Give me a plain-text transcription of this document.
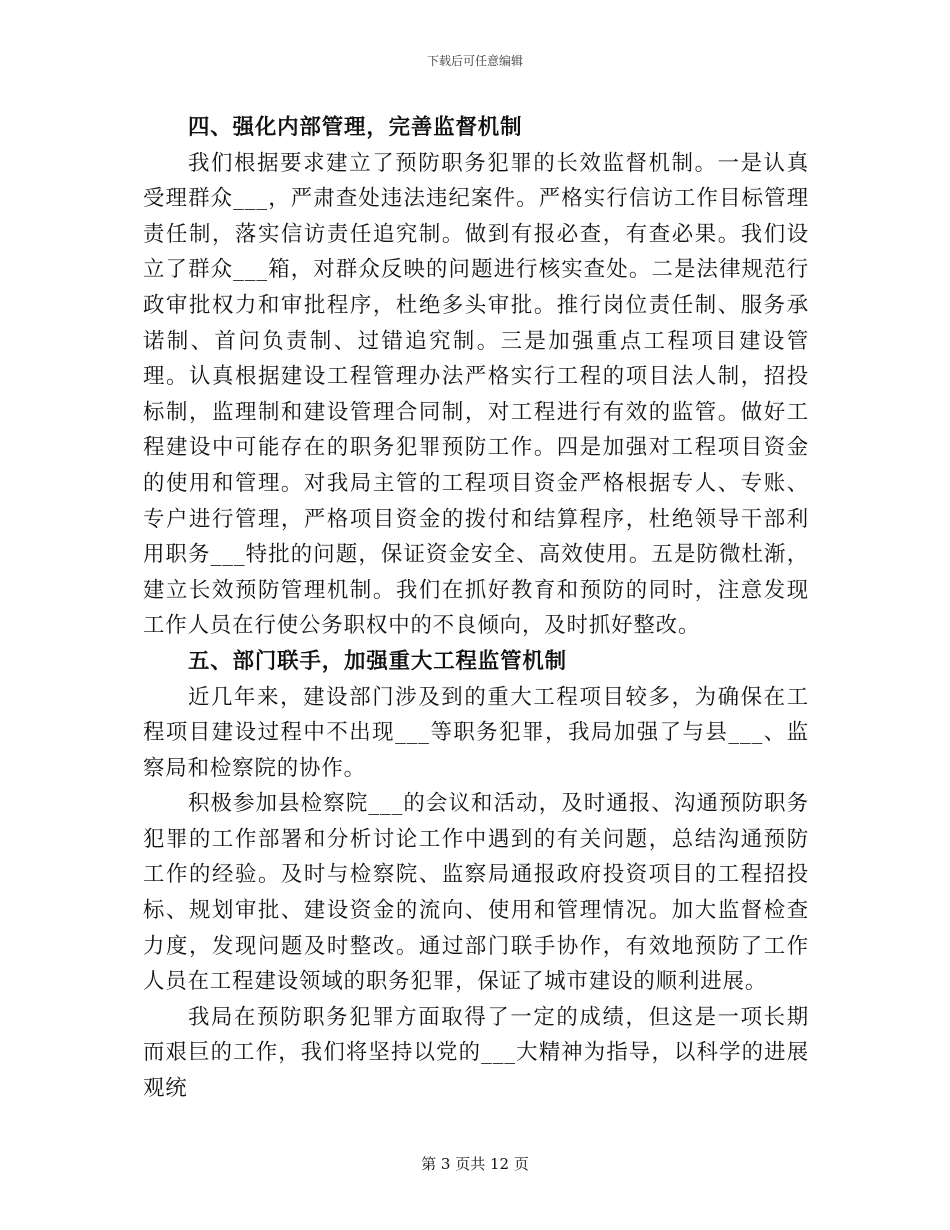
下载后可任意编辑

四、强化内部管理，完善监督机制

我们根据要求建立了预防职务犯罪的长效监督机制。一是认真受理群众___，严肃查处违法违纪案件。严格实行信访工作目标管理责任制，落实信访责任追究制。做到有报必查，有查必果。我们设立了群众___箱，对群众反映的问题进行核实查处。二是法律规范行政审批权力和审批程序，杜绝多头审批。推行岗位责任制、服务承诺制、首问负责制、过错追究制。三是加强重点工程项目建设管理。认真根据建设工程管理办法严格实行工程的项目法人制，招投标制，监理制和建设管理合同制，对工程进行有效的监管。做好工程建设中可能存在的职务犯罪预防工作。四是加强对工程项目资金的使用和管理。对我局主管的工程项目资金严格根据专人、专账、专户进行管理，严格项目资金的拨付和结算程序，杜绝领导干部利用职务___特批的问题，保证资金安全、高效使用。五是防微杜渐，建立长效预防管理机制。我们在抓好教育和预防的同时，注意发现工作人员在行使公务职权中的不良倾向，及时抓好整改。

五、部门联手，加强重大工程监管机制

近几年来，建设部门涉及到的重大工程项目较多，为确保在工程项目建设过程中不出现___等职务犯罪，我局加强了与县___、监察局和检察院的协作。

积极参加县检察院___的会议和活动，及时通报、沟通预防职务犯罪的工作部署和分析讨论工作中遇到的有关问题，总结沟通预防工作的经验。及时与检察院、监察局通报政府投资项目的工程招投标、规划审批、建设资金的流向、使用和管理情况。加大监督检查力度，发现问题及时整改。通过部门联手协作，有效地预防了工作人员在工程建设领域的职务犯罪，保证了城市建设的顺利进展。

我局在预防职务犯罪方面取得了一定的成绩，但这是一项长期而艰巨的工作，我们将坚持以党的___大精神为指导，以科学的进展观统

第 3 页共 12 页
